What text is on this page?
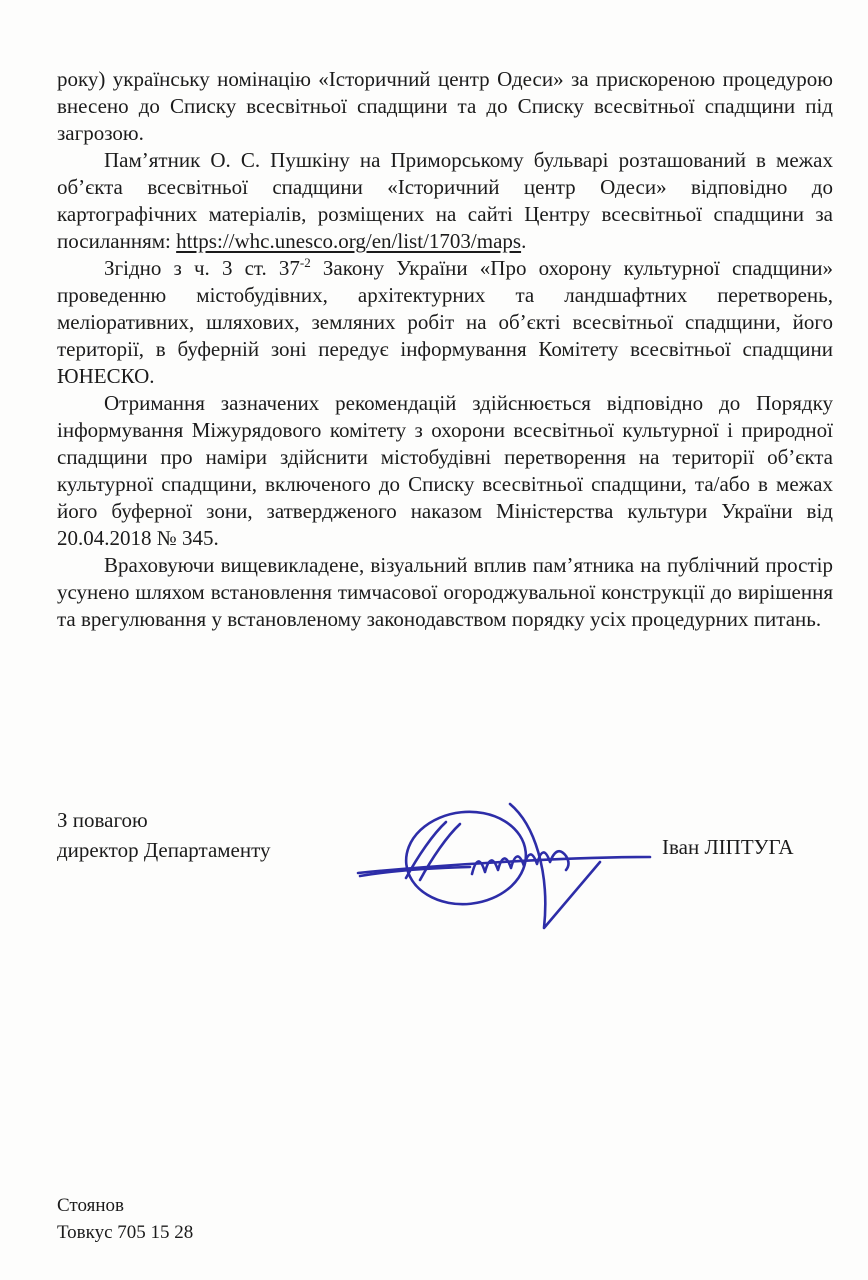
року) українську номінацію «Історичний центр Одеси» за прискореною процедурою внесено до Списку всесвітньої спадщини та до Списку всесвітньої спадщини під загрозою.

Пам’ятник О. С. Пушкіну на Приморському бульварі розташований в межах об’єкта всесвітньої спадщини «Історичний центр Одеси» відповідно до картографічних матеріалів, розміщених на сайті Центру всесвітньої спадщини за посиланням: https://whc.unesco.org/en/list/1703/maps.

Згідно з ч. 3 ст. $37^{-2}$ Закону України «Про охорону культурної спадщини» проведенню містобудівних, архітектурних та ландшафтних перетворень, меліоративних, шляхових, земляних робіт на об’єкті всесвітньої спадщини, його території, в буферній зоні передує інформування Комітету всесвітньої спадщини ЮНЕСКО.

Отримання зазначених рекомендацій здійснюється відповідно до Порядку інформування Міжурядового комітету з охорони всесвітньої культурної і природної спадщини про наміри здійснити містобудівні перетворення на території об’єкта культурної спадщини, включеного до Списку всесвітньої спадщини, та/або в межах його буферної зони, затвердженого наказом Міністерства культури України від 20.04.2018 № 345.

Враховуючи вищевикладене, візуальний вплив пам’ятника на публічний простір усунено шляхом встановлення тимчасової огороджувальної конструкції до вирішення та врегулювання у встановленому законодавством порядку усіх процедурних питань.

З повагою
директор Департаменту	Іван ЛІПТУГА
Стоянов
Товкус 705 15 28
